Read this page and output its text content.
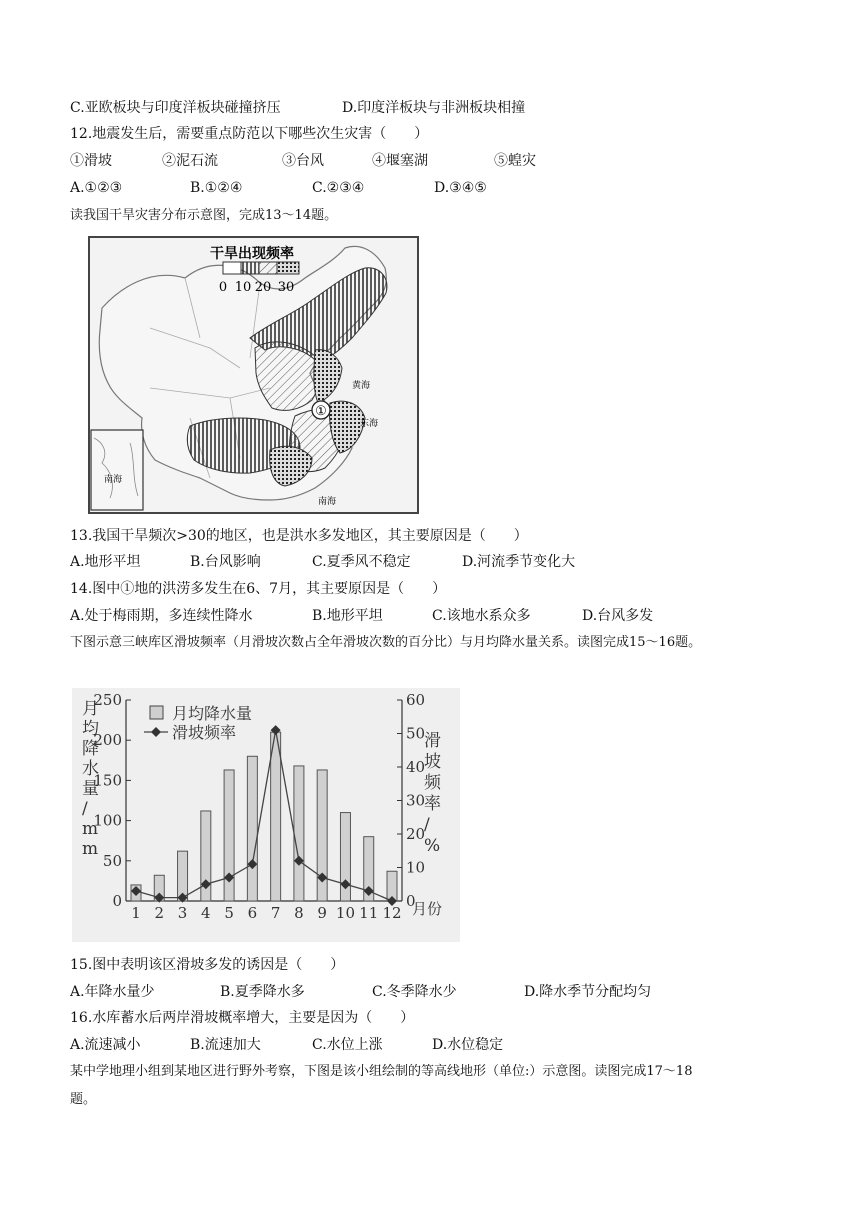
C.亚欧板块与印度洋板块碰撞挤压	D.印度洋板块与非洲板块相撞
12.地震发生后，需要重点防范以下哪些次生灾害（　　）
①滑坡	②泥石流	③台风	④堰塞湖	⑤蝗灾
A.①②③	B.①②④	C.②③④	D.③④⑤
读我国干旱灾害分布示意图，完成13～14题。
①
干旱出现频率
0 10 20 30
黄海
东海
南海
南海
13.我国干旱频次>30的地区，也是洪水多发地区，其主要原因是（　　）
A.地形平坦	B.台风影响	C.夏季风不稳定	D.河流季节变化大
14.图中①地的洪涝多发生在6、7月，其主要原因是（　　）
A.处于梅雨期，多连续性降水	B.地形平坦	C.该地水系众多	D.台风多发
下图示意三峡库区滑坡频率（月滑坡次数占全年滑坡次数的百分比）与月均降水量关系。读图完成15～16题。
0
50
100
150
200
250
0
10
20
30
40
50
60
1 2 3 4 5 6 7 8 9 10 11 12 月份
月均降水量/ m m
滑坡频率/ %
月均降水量
滑坡频率
15.图中表明该区滑坡多发的诱因是（　　）
A.年降水量少	B.夏季降水多	C.冬季降水少	D.降水季节分配均匀
16.水库蓄水后两岸滑坡概率增大，主要是因为（　　）
A.流速减小	B.流速加大	C.水位上涨	D.水位稳定
某中学地理小组到某地区进行野外考察，下图是该小组绘制的等高线地形（单位:）示意图。读图完成17～18
题。
